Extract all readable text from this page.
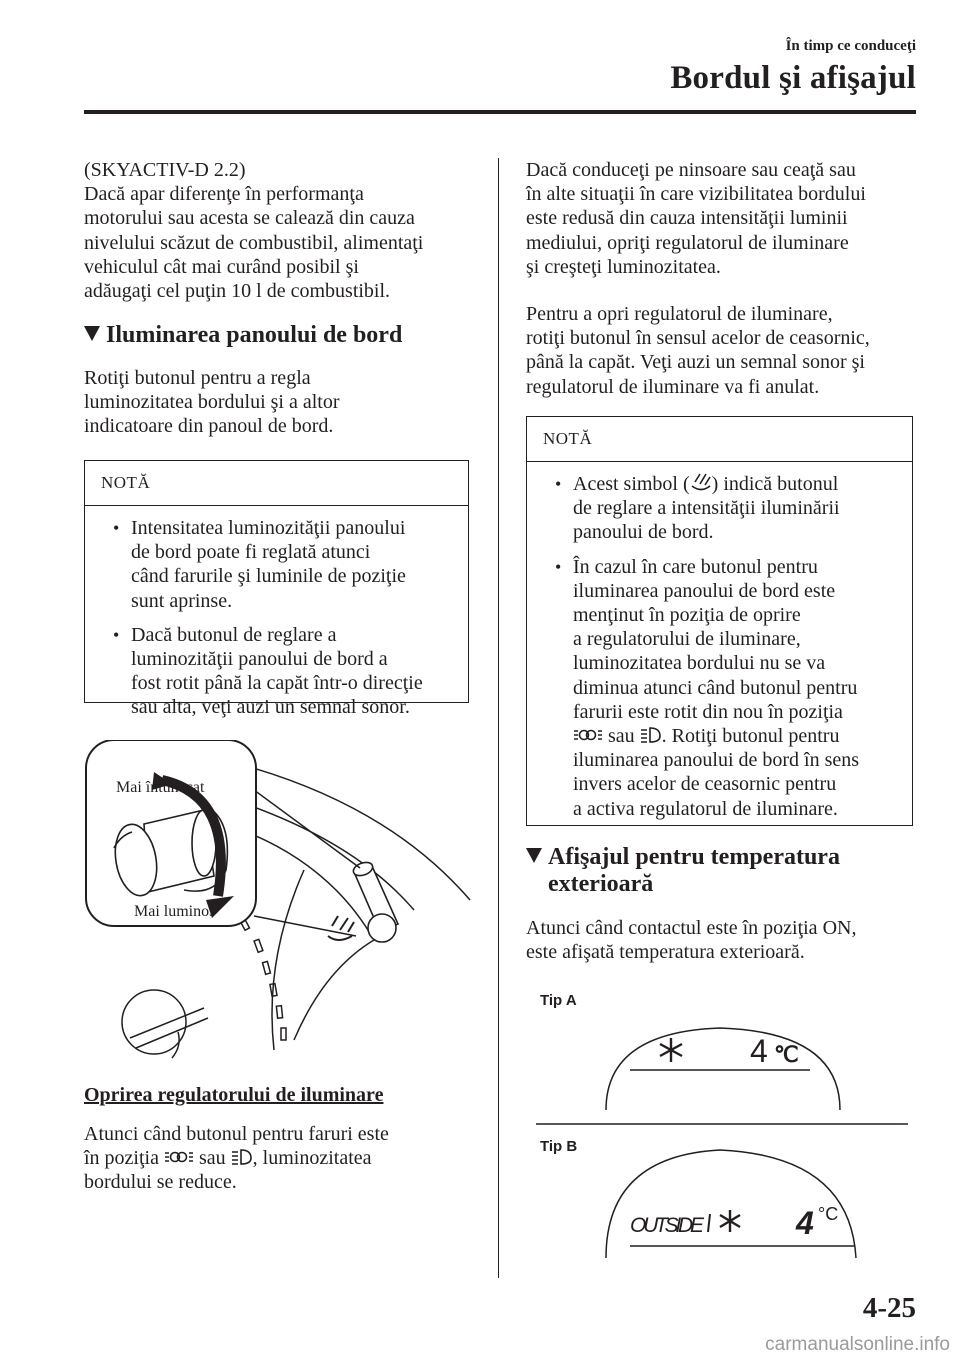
În timp ce conduceţi
Bordul şi afişajul

(SKYACTIV-D 2.2)

Dacă apar diferenţe în performanţa

motorului sau acesta se calează din cauza

nivelului scăzut de combustibil, alimentaţi

vehiculul cât mai curând posibil şi

adăugaţi cel puţin 10 l de combustibil.

Iluminarea panoului de bord

Rotiţi butonul pentru a regla

luminozitatea bordului şi a altor

indicatoare din panoul de bord.

NOTĂ
• Intensitatea luminozităţii panoului
de bord poate fi reglată atunci
când farurile şi luminile de poziţie
sunt aprinse.
• Dacă butonul de reglare a
luminozităţii panoului de bord a
fost rotit până la capăt într-o direcţie
sau alta, veţi auzi un semnal sonor.
Mai întunecat
Mai luminos
Oprirea regulatorului de iluminare

Atunci când butonul pentru faruri este

în poziţia sau , luminozitatea

bordului se reduce.

Dacă conduceţi pe ninsoare sau ceaţă sau

în alte situaţii în care vizibilitatea bordului

este redusă din cauza intensităţii luminii

mediului, opriţi regulatorul de iluminare

şi creşteţi luminozitatea.

Pentru a opri regulatorul de iluminare,

rotiţi butonul în sensul acelor de ceasornic,

până la capăt. Veţi auzi un semnal sonor şi

regulatorul de iluminare va fi anulat.

NOTĂ
• Acest simbol ( ) indică butonul
de reglare a intensităţii iluminării
panoului de bord.
• În cazul în care butonul pentru
iluminarea panoului de bord este
menţinut în poziţia de oprire
a regulatorului de iluminare,
luminozitatea bordului nu se va
diminua atunci când butonul pentru
farurii este rotit din nou în poziţia
sau . Rotiţi butonul pentru
iluminarea panoului de bord în sens
invers acelor de ceasornic pentru
a activa regulatorul de iluminare.
Afişajul pentru temperatura
exterioară

Atunci când contactul este în poziţia ON,

este afişată temperatura exterioară.

Tip A
4 ℃
OUTSIDE	4 °C
Tip B
4-25
carmanualsonline.info
